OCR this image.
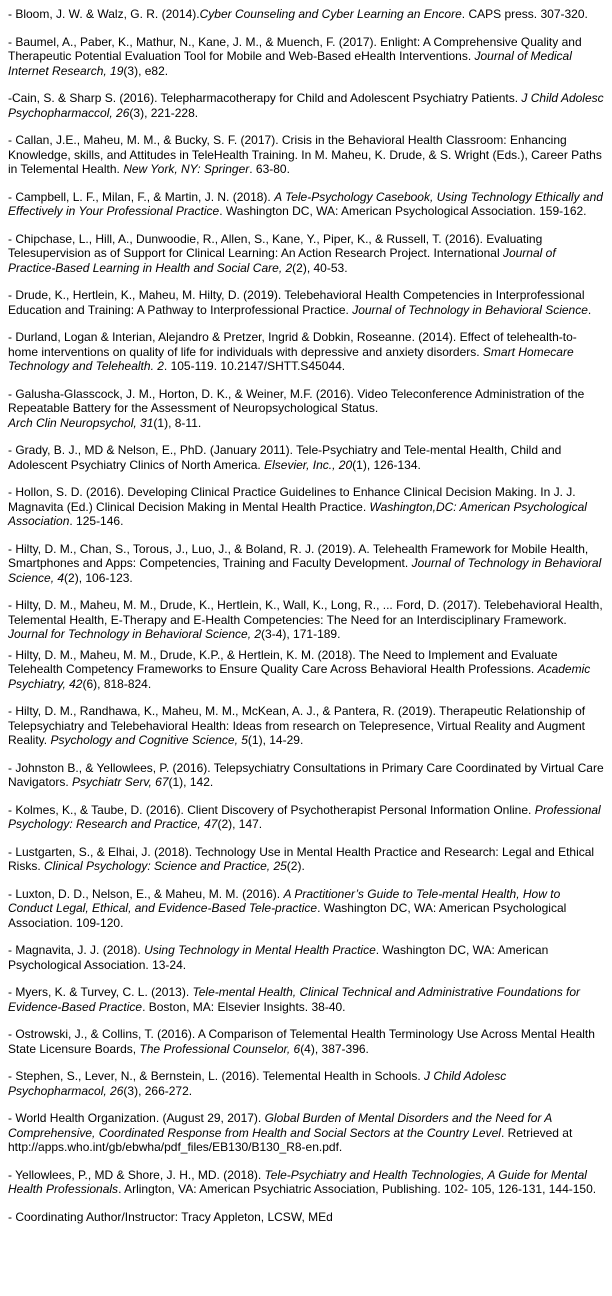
- Bloom, J. W. & Walz, G. R. (2014).Cyber Counseling and Cyber Learning an Encore. CAPS press. 307-320.

- Baumel, A., Paber, K., Mathur, N., Kane, J. M., & Muench, F. (2017). Enlight: A Comprehensive Quality and Therapeutic Potential Evaluation Tool for Mobile and Web-Based eHealth Interventions. Journal of Medical Internet Research, 19(3), e82.

-Cain, S. & Sharp S. (2016). Telepharmacotherapy for Child and Adolescent Psychiatry Patients. J Child Adolesc Psychopharmaccol, 26(3), 221-228.

- Callan, J.E., Maheu, M. M., & Bucky, S. F. (2017). Crisis in the Behavioral Health Classroom: Enhancing Knowledge, skills, and Attitudes in TeleHealth Training. In M. Maheu, K. Drude, & S. Wright (Eds.), Career Paths in Telemental Health. New York, NY: Springer. 63-80.

- Campbell, L. F., Milan, F., & Martin, J. N. (2018). A Tele-Psychology Casebook, Using Technology Ethically and Effectively in Your Professional Practice. Washington DC, WA: American Psychological Association. 159-162.

- Chipchase, L., Hill, A., Dunwoodie, R., Allen, S., Kane, Y., Piper, K., & Russell, T. (2016). Evaluating Telesupervision as of Support for Clinical Learning: An Action Research Project. International Journal of Practice-Based Learning in Health and Social Care, 2(2), 40-53.

- Drude, K., Hertlein, K., Maheu, M. Hilty, D. (2019). Telebehavioral Health Competencies in Interprofessional Education and Training: A Pathway to Interprofessional Practice. Journal of Technology in Behavioral Science.

- Durland, Logan & Interian, Alejandro & Pretzer, Ingrid & Dobkin, Roseanne. (2014). Effect of telehealth-to-home interventions on quality of life for individuals with depressive and anxiety disorders. Smart Homecare Technology and Telehealth. 2. 105-119. 10.2147/SHTT.S45044.

- Galusha-Glasscock, J. M., Horton, D. K., & Weiner, M.F. (2016). Video Teleconference Administration of the Repeatable Battery for the Assessment of Neuropsychological Status.
Arch Clin Neuropsychol, 31(1), 8-11.

- Grady, B. J., MD & Nelson, E., PhD. (January 2011). Tele-Psychiatry and Tele-mental Health, Child and Adolescent Psychiatry Clinics of North America. Elsevier, Inc., 20(1), 126-134.

- Hollon, S. D. (2016). Developing Clinical Practice Guidelines to Enhance Clinical Decision Making. In J. J. Magnavita (Ed.) Clinical Decision Making in Mental Health Practice. Washington,DC: American Psychological Association. 125-146.

- Hilty, D. M., Chan, S., Torous, J., Luo, J., & Boland, R. J. (2019). A. Telehealth Framework for Mobile Health, Smartphones and Apps: Competencies, Training and Faculty Development. Journal of Technology in Behavioral Science, 4(2), 106-123.

- Hilty, D. M., Maheu, M. M., Drude, K., Hertlein, K., Wall, K., Long, R., ... Ford, D. (2017). Telebehavioral Health, Telemental Health, E-Therapy and E-Health Competencies: The Need for an Interdisciplinary Framework. Journal for Technology in Behavioral Science, 2(3-4), 171-189.

- Hilty, D. M., Maheu, M. M., Drude, K.P., & Hertlein, K. M. (2018). The Need to Implement and Evaluate Telehealth Competency Frameworks to Ensure Quality Care Across Behavioral Health Professions. Academic Psychiatry, 42(6), 818-824.

- Hilty, D. M., Randhawa, K., Maheu, M. M., McKean, A. J., & Pantera, R. (2019). Therapeutic Relationship of Telepsychiatry and Telebehavioral Health: Ideas from research on Telepresence, Virtual Reality and Augment Reality. Psychology and Cognitive Science, 5(1), 14-29.

- Johnston B., & Yellowlees, P. (2016). Telepsychiatry Consultations in Primary Care Coordinated by Virtual Care Navigators. Psychiatr Serv, 67(1), 142.

- Kolmes, K., & Taube, D. (2016). Client Discovery of Psychotherapist Personal Information Online. Professional Psychology: Research and Practice, 47(2), 147.

- Lustgarten, S., & Elhai, J. (2018). Technology Use in Mental Health Practice and Research: Legal and Ethical Risks. Clinical Psychology: Science and Practice, 25(2).

- Luxton, D. D., Nelson, E., & Maheu, M. M. (2016). A Practitioner’s Guide to Tele-mental Health, How to Conduct Legal, Ethical, and Evidence-Based Tele-practice. Washington DC, WA: American Psychological Association. 109-120.

- Magnavita, J. J. (2018). Using Technology in Mental Health Practice. Washington DC, WA: American Psychological Association. 13-24.

- Myers, K. & Turvey, C. L. (2013). Tele-mental Health, Clinical Technical and Administrative Foundations for Evidence-Based Practice. Boston, MA: Elsevier Insights. 38-40.

- Ostrowski, J., & Collins, T. (2016). A Comparison of Telemental Health Terminology Use Across Mental Health State Licensure Boards, The Professional Counselor, 6(4), 387-396.

- Stephen, S., Lever, N., & Bernstein, L. (2016). Telemental Health in Schools. J Child Adolesc Psychopharmacol, 26(3), 266-272.

- World Health Organization. (August 29, 2017). Global Burden of Mental Disorders and the Need for A Comprehensive, Coordinated Response from Health and Social Sectors at the Country Level. Retrieved at http://apps.who.int/gb/ebwha/pdf_files/EB130/B130_R8-en.pdf.

- Yellowlees, P., MD & Shore, J. H., MD. (2018). Tele-Psychiatry and Health Technologies, A Guide for Mental Health Professionals. Arlington, VA: American Psychiatric Association, Publishing. 102- 105, 126-131, 144-150.

- Coordinating Author/Instructor: Tracy Appleton, LCSW, MEd
